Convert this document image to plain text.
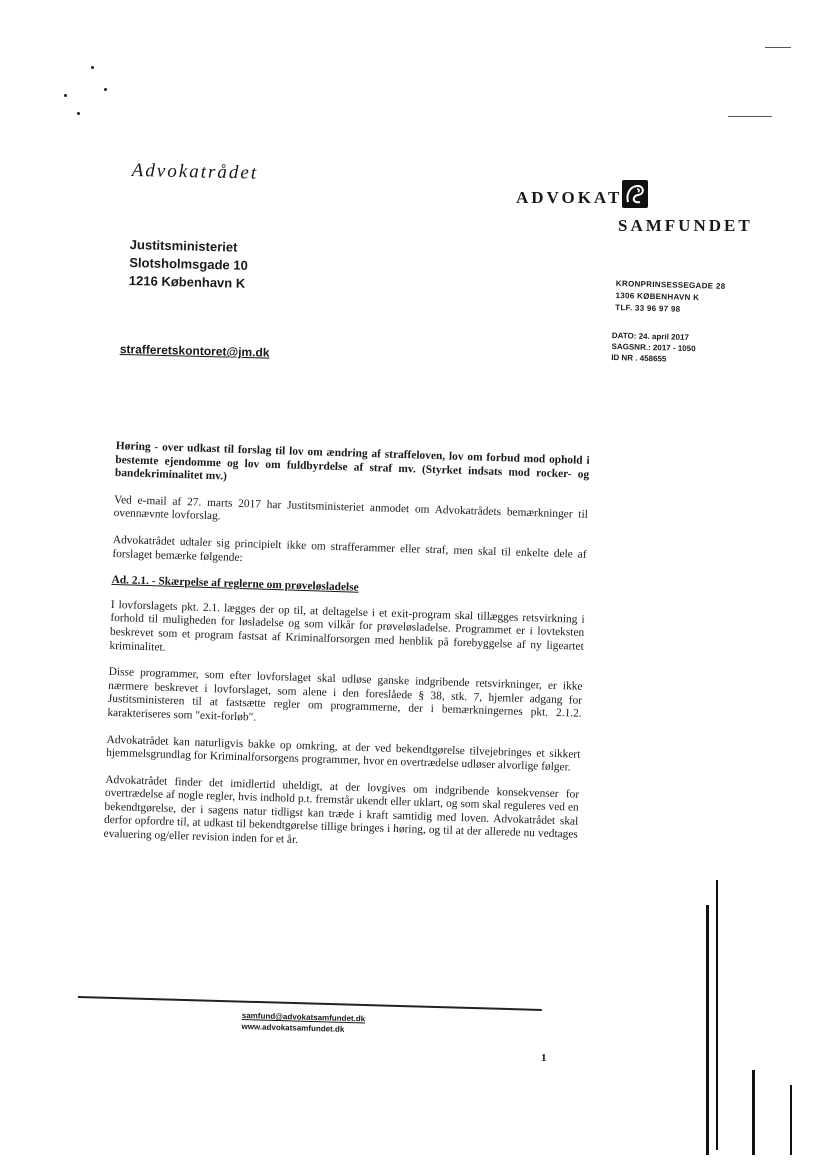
Advokatrådet
ADVOKAT
SAMFUNDET
Justitsministeriet
Slotsholmsgade 10
1216 København K	KRONPRINSESSEGADE 28
1306 KØBENHAVN K
TLF. 33 96 97 98
DATO: 24. april 2017
SAGSNR.: 2017 - 1050
ID NR . 458655
strafferetskontoret@jm.dk

Høring - over udkast til forslag til lov om ændring af straffeloven, lov om forbud mod ophold i bestemte ejendomme og lov om fuldbyrdelse af straf mv. (Styrket indsats mod rocker- og bandekriminalitet mv.)

Ved e-mail af 27. marts 2017 har Justitsministeriet anmodet om Advokatrådets bemærkninger til ovennævnte lovforslag.

Advokatrådet udtaler sig principielt ikke om strafferammer eller straf, men skal til enkelte dele af forslaget bemærke følgende:

Ad. 2.1. - Skærpelse af reglerne om prøveløsladelse

I lovforslagets pkt. 2.1. lægges der op til, at deltagelse i et exit-program skal tillægges retsvirkning i forhold til muligheden for løsladelse og som vilkår for prøveløsladelse. Programmet er i lovteksten beskrevet som et program fastsat af Kriminalforsorgen med henblik på forebyggelse af ny ligeartet kriminalitet.

Disse programmer, som efter lovforslaget skal udløse ganske indgribende retsvirkninger, er ikke nærmere beskrevet i lovforslaget, som alene i den foreslåede § 38, stk. 7, hjemler adgang for Justitsministeren til at fastsætte regler om programmerne, der i bemærkningernes pkt. 2.1.2. karakteriseres som "exit-forløb".

Advokatrådet kan naturligvis bakke op omkring, at der ved bekendtgørelse tilvejebringes et sikkert hjemmelsgrundlag for Kriminalforsorgens programmer, hvor en overtrædelse udløser alvorlige følger.

Advokatrådet finder det imidlertid uheldigt, at der lovgives om indgribende konsekvenser for overtrædelse af nogle regler, hvis indhold p.t. fremstår ukendt eller uklart, og som skal reguleres ved en bekendtgørelse, der i sagens natur tidligst kan træde i kraft samtidig med loven. Advokatrådet skal derfor opfordre til, at udkast til bekendtgørelse tillige bringes i høring, og til at der allerede nu vedtages evaluering og/eller revision inden for et år.

samfund@advokatsamfundet.dk
www.advokatsamfundet.dk
1
